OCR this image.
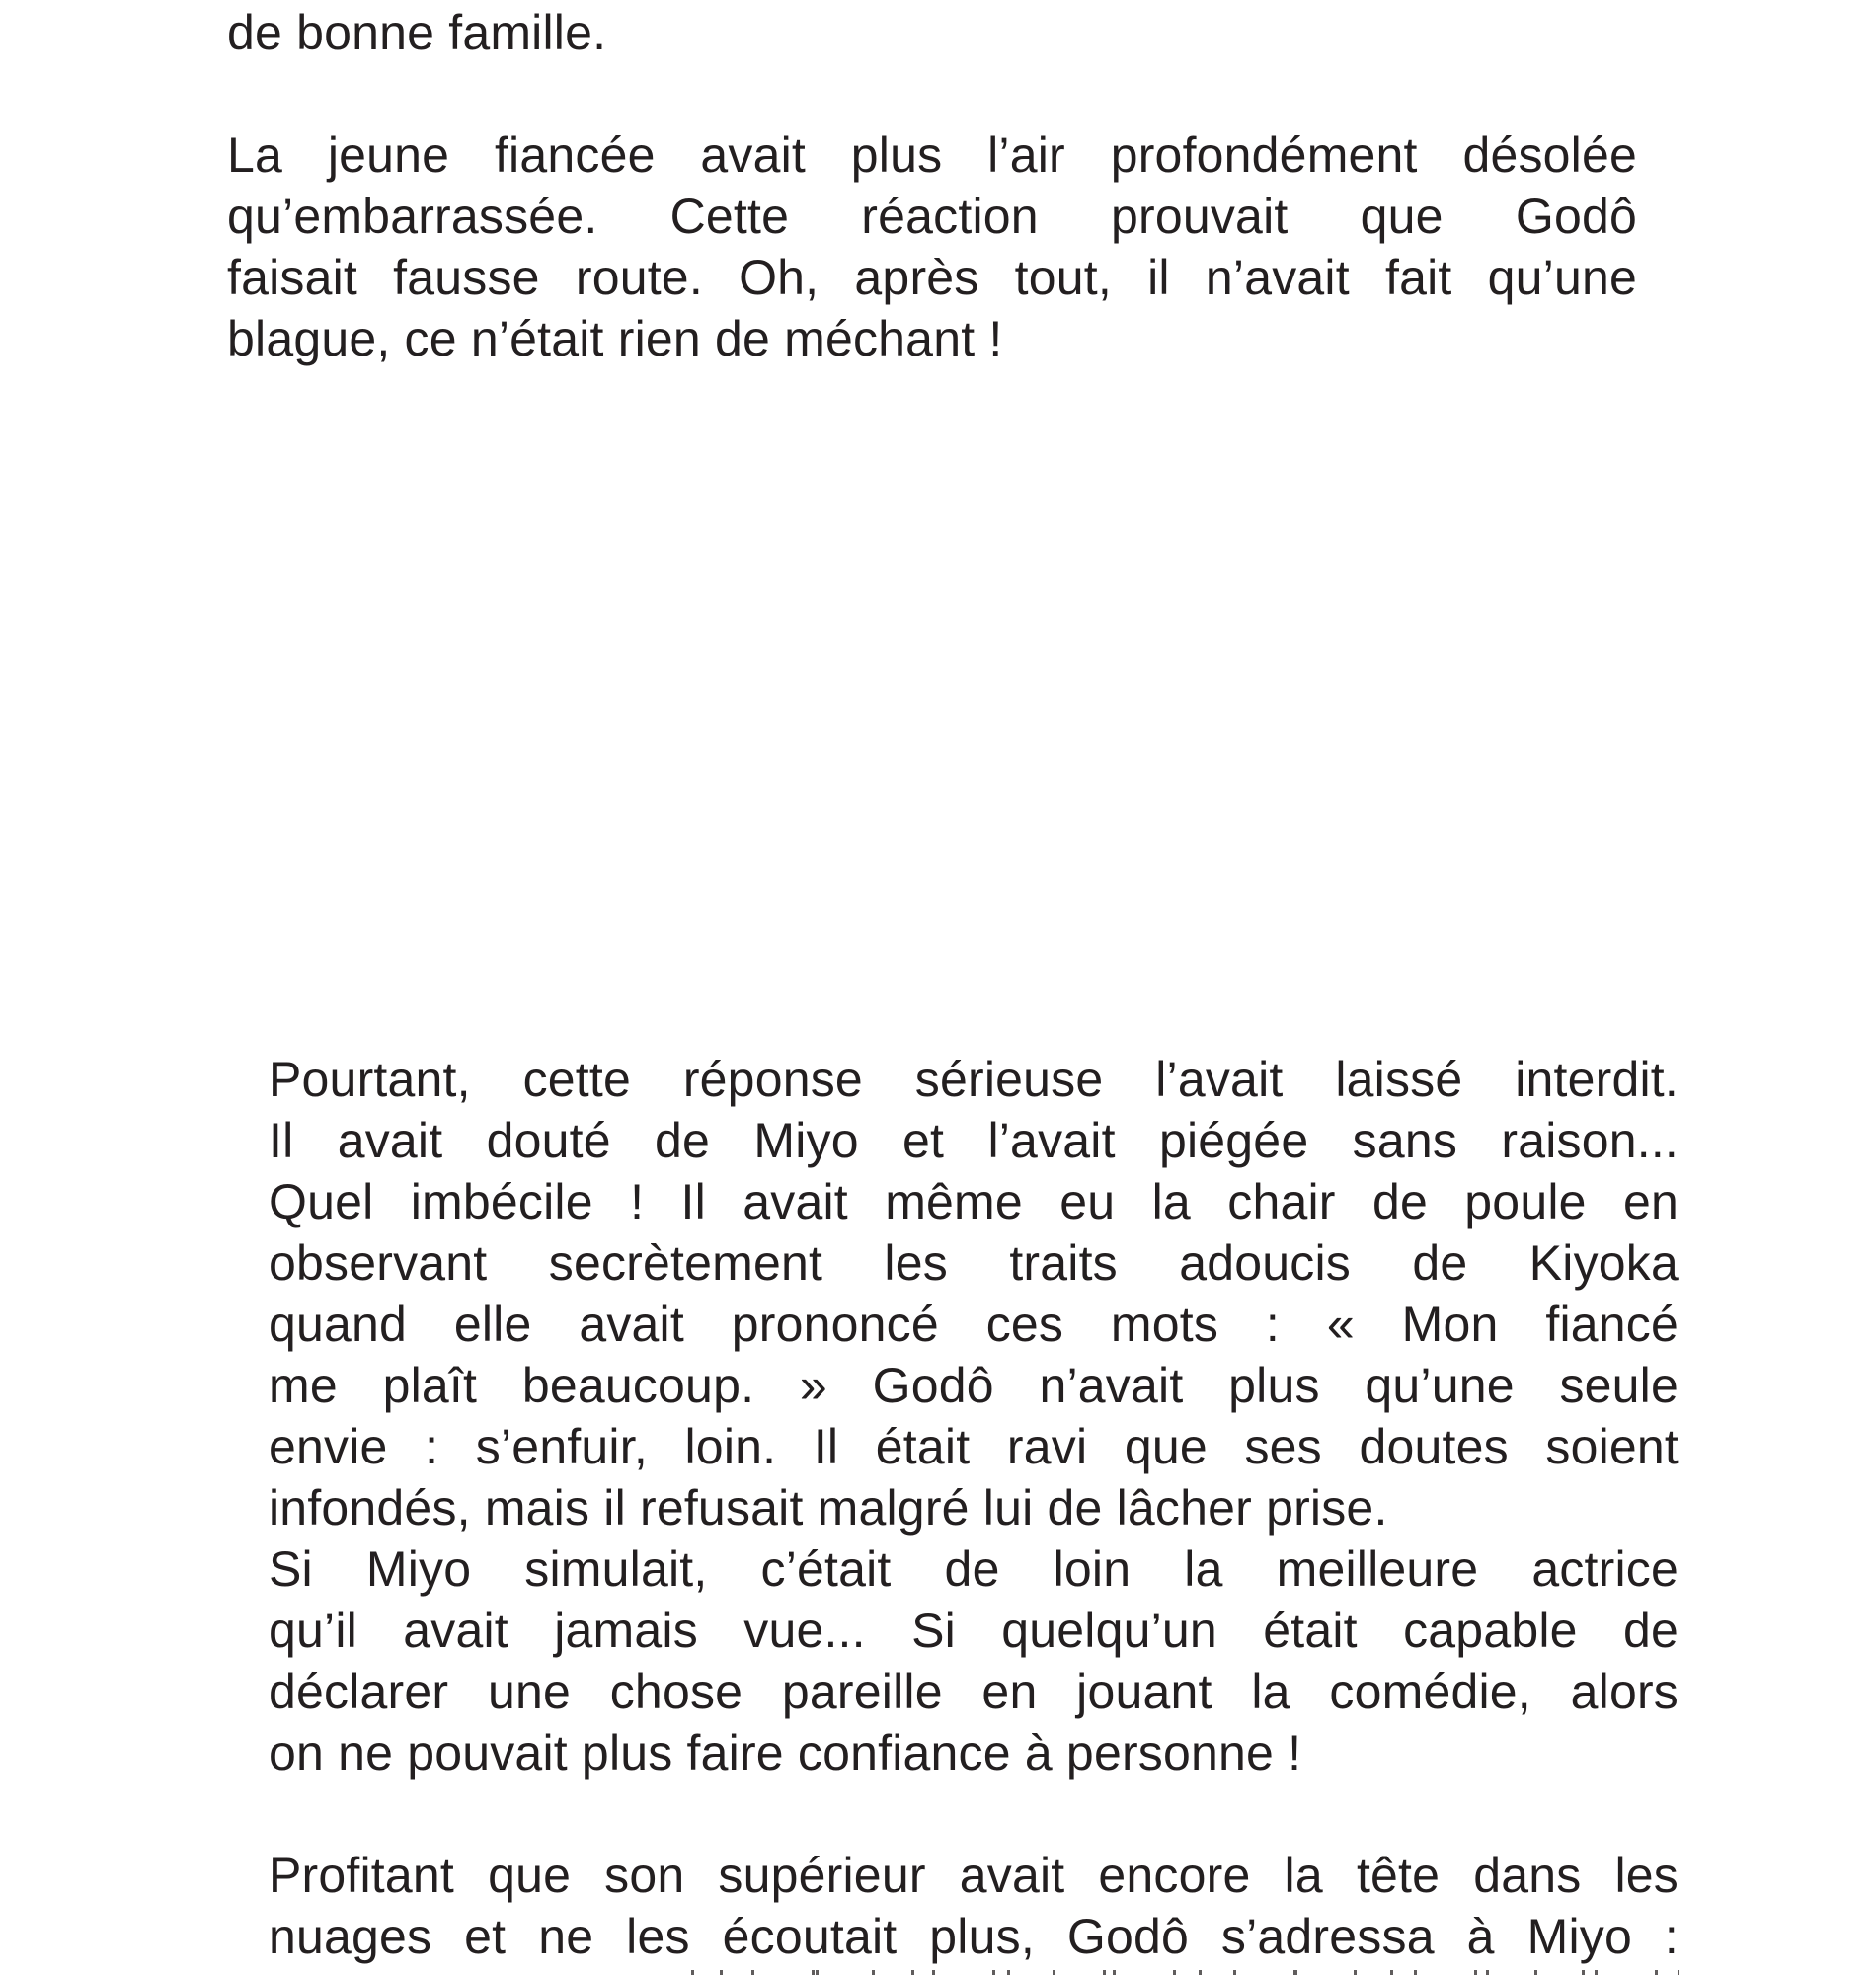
de bonne famille.
La jeune fiancée avait plus l’air profondément désolée
qu’embarrassée. Cette réaction prouvait que Godô
faisait fausse route. Oh, après tout, il n’avait fait qu’une
blague, ce n’était rien de méchant !
Pourtant, cette réponse sérieuse l’avait laissé interdit.
Il avait douté de Miyo et l’avait piégée sans raison...
Quel imbécile ! Il avait même eu la chair de poule en
observant secrètement les traits adoucis de Kiyoka
quand elle avait prononcé ces mots : « Mon fiancé
me plaît beaucoup. » Godô n’avait plus qu’une seule
envie : s’enfuir, loin. Il était ravi que ses doutes soient
infondés, mais il refusait malgré lui de lâcher prise.
Si Miyo simulait, c’était de loin la meilleure actrice
qu’il avait jamais vue... Si quelqu’un était capable de
déclarer une chose pareille en jouant la comédie, alors
on ne pouvait plus faire confiance à personne !
Profitant que son supérieur avait encore la tête dans les
nuages et ne les écoutait plus, Godô s’adressa à Miyo :
